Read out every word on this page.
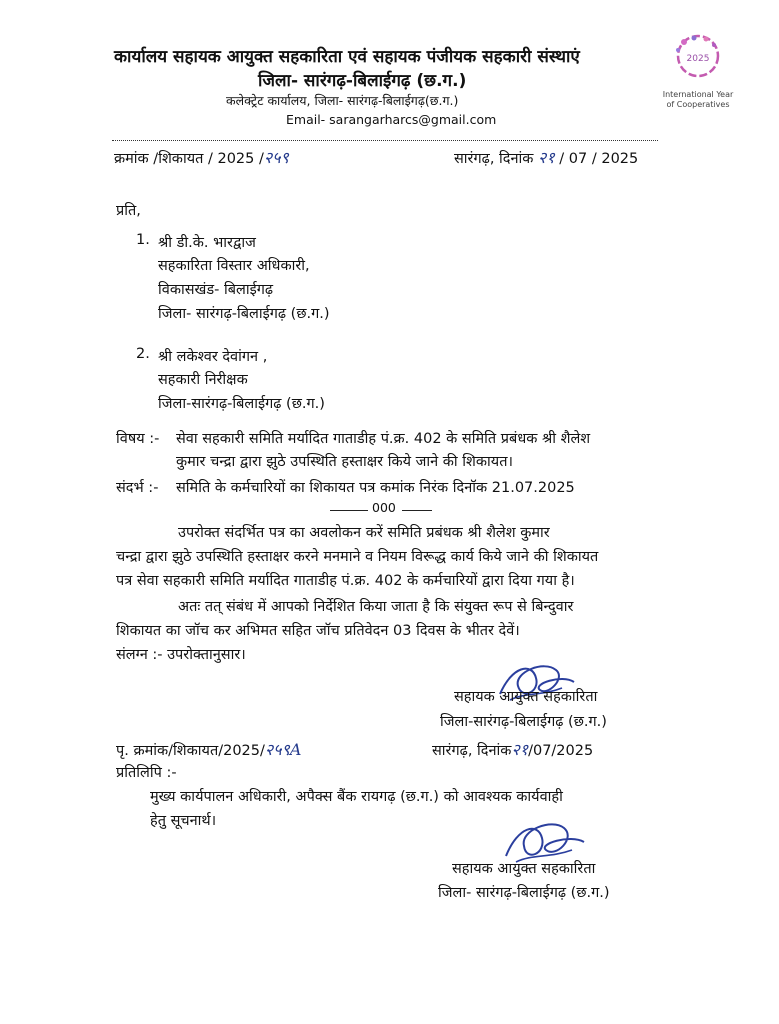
कार्यालय सहायक आयुक्त सहकारिता एवं सहायक पंजीयक सहकारी संस्थाएं
जिला- सारंगढ़-बिलाईगढ़ (छ.ग.)
कलेक्ट्रेट कार्यालय, जिला- सारंगढ़-बिलाईगढ़(छ.ग.)
Email- sarangarharcs@gmail.com
2025
International Year
of Cooperatives
क्रमांक /शिकायत / 2025 /२५९	सारंगढ़, दिनांक २१ / 07 / 2025
प्रति,
1. श्री डी.के. भारद्वाज
सहकारिता विस्तार अधिकारी,
विकासखंड- बिलाईगढ़
जिला- सारंगढ़-बिलाईगढ़ (छ.ग.)
2. श्री लकेश्वर देवांगन ,
सहकारी निरीक्षक
जिला-सारंगढ़-बिलाईगढ़ (छ.ग.)
विषय :- सेवा सहकारी समिति मर्यादित गाताडीह पं.क्र. 402 के समिति प्रबंधक श्री शैलेश
कुमार चन्द्रा द्वारा झुठे उपस्थिति हस्ताक्षर किये जाने की शिकायत।
संदर्भ :- समिति के कर्मचारियों का शिकायत पत्र कमांक निरंक दिनॉक 21.07.2025
000
उपरोक्त संदर्भित पत्र का अवलोकन करें समिति प्रबंधक श्री शैलेश कुमार
चन्द्रा द्वारा झुठे उपस्थिति हस्ताक्षर करने मनमाने व नियम विरूद्ध कार्य किये जाने की शिकायत
पत्र सेवा सहकारी समिति मर्यादित गाताडीह पं.क्र. 402 के कर्मचारियों द्वारा दिया गया है।
अतः तत् संबंध में आपको निर्देशित किया जाता है कि संयुक्त रूप से बिन्दुवार
शिकायत का जॉच कर अभिमत सहित जॉच प्रतिवेदन 03 दिवस के भीतर देवें।
संलग्न :- उपरोक्तानुसार।
सहायक आयुक्त सहकारिता
जिला-सारंगढ़-बिलाईगढ़ (छ.ग.)
पृ. क्रमांक/शिकायत/2025/२५९A	सारंगढ़, दिनांक२१/07/2025
प्रतिलिपि :-
मुख्य कार्यपालन अधिकारी, अपैक्स बैंक रायगढ़ (छ.ग.) को आवश्यक कार्यवाही
हेतु सूचनार्थ।
सहायक आयुक्त सहकारिता
जिला- सारंगढ़-बिलाईगढ़ (छ.ग.)
